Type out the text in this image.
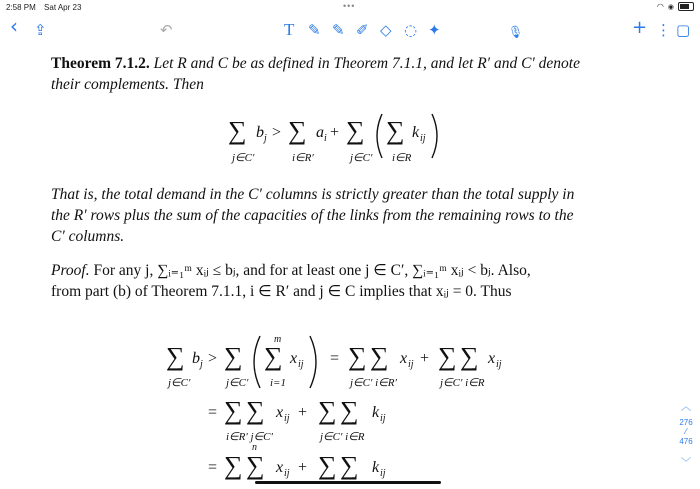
2:58 PM Sat Apr 23	•••	◠ ◉
‹ ⇪	↶	T ✎ ✎ ✐ ◇ ◌ ✦	🎙	+ ⋮ ▢
Theorem 7.1.2. Let R and C be as defined in Theorem 7.1.1, and let R′ and C′ denote
their complements. Then
∑
j∈C′
b j > ∑
i∈R′
a i + ∑
j∈C′
∑
i∈R
k ij
That is, the total demand in the C′ columns is strictly greater than the total supply in
the R′ rows plus the sum of the capacities of the links from the remaining rows to the
C′ columns.
Proof. For any j, ∑ᵢ₌₁ᵐ xᵢⱼ ≤ bⱼ, and for at least one j ∈ C′, ∑ᵢ₌₁ᵐ xᵢⱼ < bⱼ. Also,
from part (b) of Theorem 7.1.1, i ∈ R′ and j ∈ C implies that xᵢⱼ = 0. Thus
∑
j∈C′
b j > ∑
j∈C′
m
∑
i=1
x ij = ∑ ∑
j∈C′ i∈R′
x ij + ∑ ∑
j∈C′ i∈R
x ij
= ∑ ∑
i∈R′ j∈C′
x ij + ∑ ∑
j∈C′ i∈R
k ij
= ∑
n
∑ x ij + ∑ ∑ k ij
︿
276
⁄
476
﹀
